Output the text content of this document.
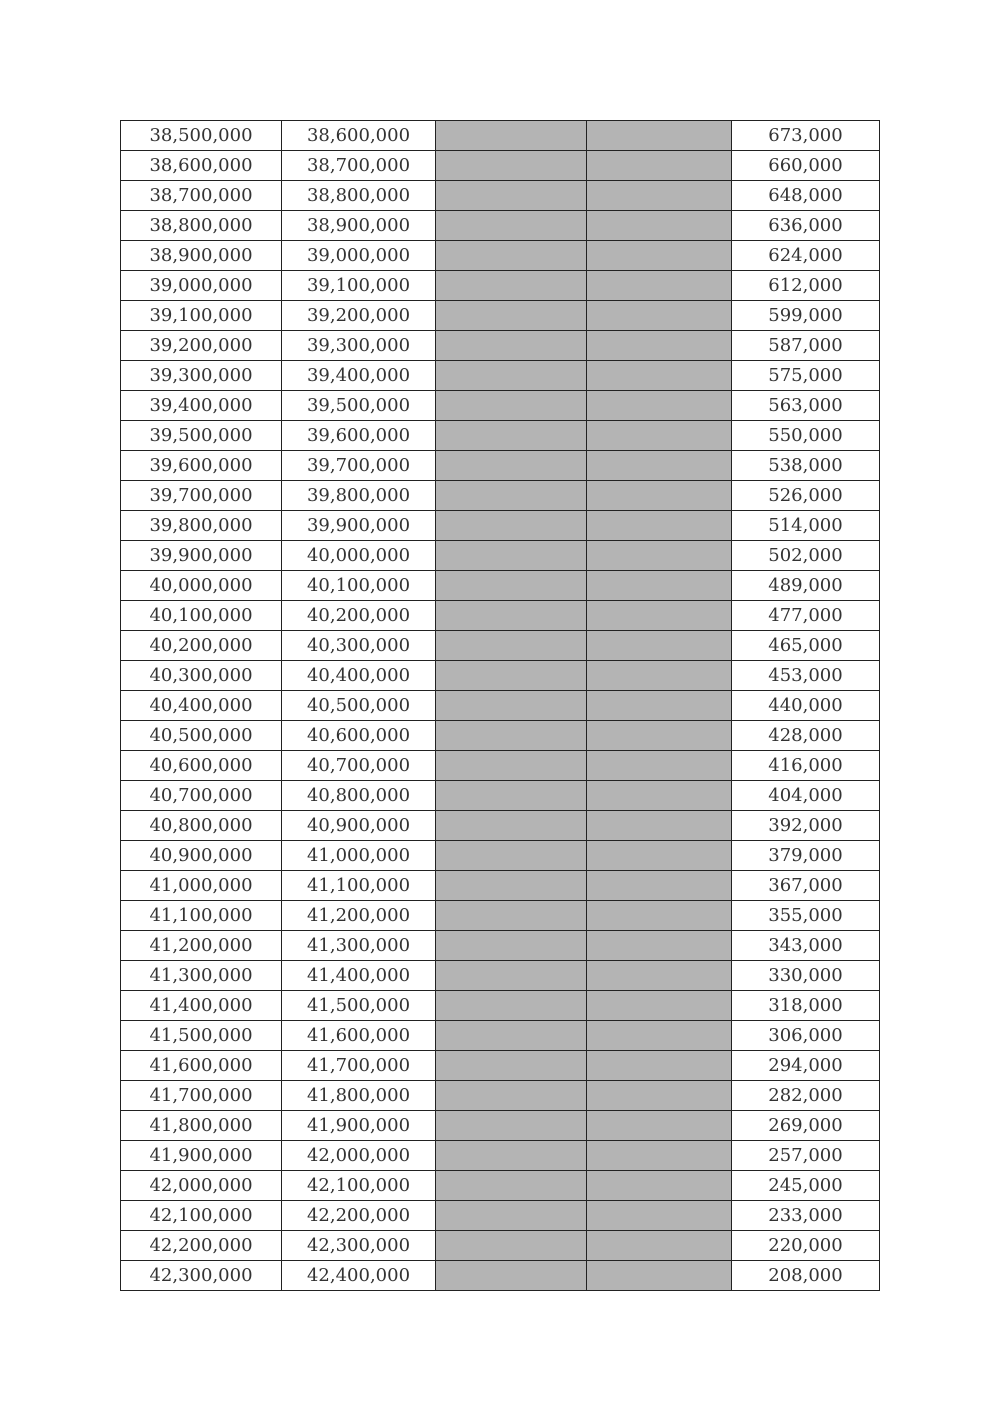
38,500,000	38,600,000			673,000
38,600,000	38,700,000			660,000
38,700,000	38,800,000			648,000
38,800,000	38,900,000			636,000
38,900,000	39,000,000			624,000
39,000,000	39,100,000			612,000
39,100,000	39,200,000			599,000
39,200,000	39,300,000			587,000
39,300,000	39,400,000			575,000
39,400,000	39,500,000			563,000
39,500,000	39,600,000			550,000
39,600,000	39,700,000			538,000
39,700,000	39,800,000			526,000
39,800,000	39,900,000			514,000
39,900,000	40,000,000			502,000
40,000,000	40,100,000			489,000
40,100,000	40,200,000			477,000
40,200,000	40,300,000			465,000
40,300,000	40,400,000			453,000
40,400,000	40,500,000			440,000
40,500,000	40,600,000			428,000
40,600,000	40,700,000			416,000
40,700,000	40,800,000			404,000
40,800,000	40,900,000			392,000
40,900,000	41,000,000			379,000
41,000,000	41,100,000			367,000
41,100,000	41,200,000			355,000
41,200,000	41,300,000			343,000
41,300,000	41,400,000			330,000
41,400,000	41,500,000			318,000
41,500,000	41,600,000			306,000
41,600,000	41,700,000			294,000
41,700,000	41,800,000			282,000
41,800,000	41,900,000			269,000
41,900,000	42,000,000			257,000
42,000,000	42,100,000			245,000
42,100,000	42,200,000			233,000
42,200,000	42,300,000			220,000
42,300,000	42,400,000			208,000
